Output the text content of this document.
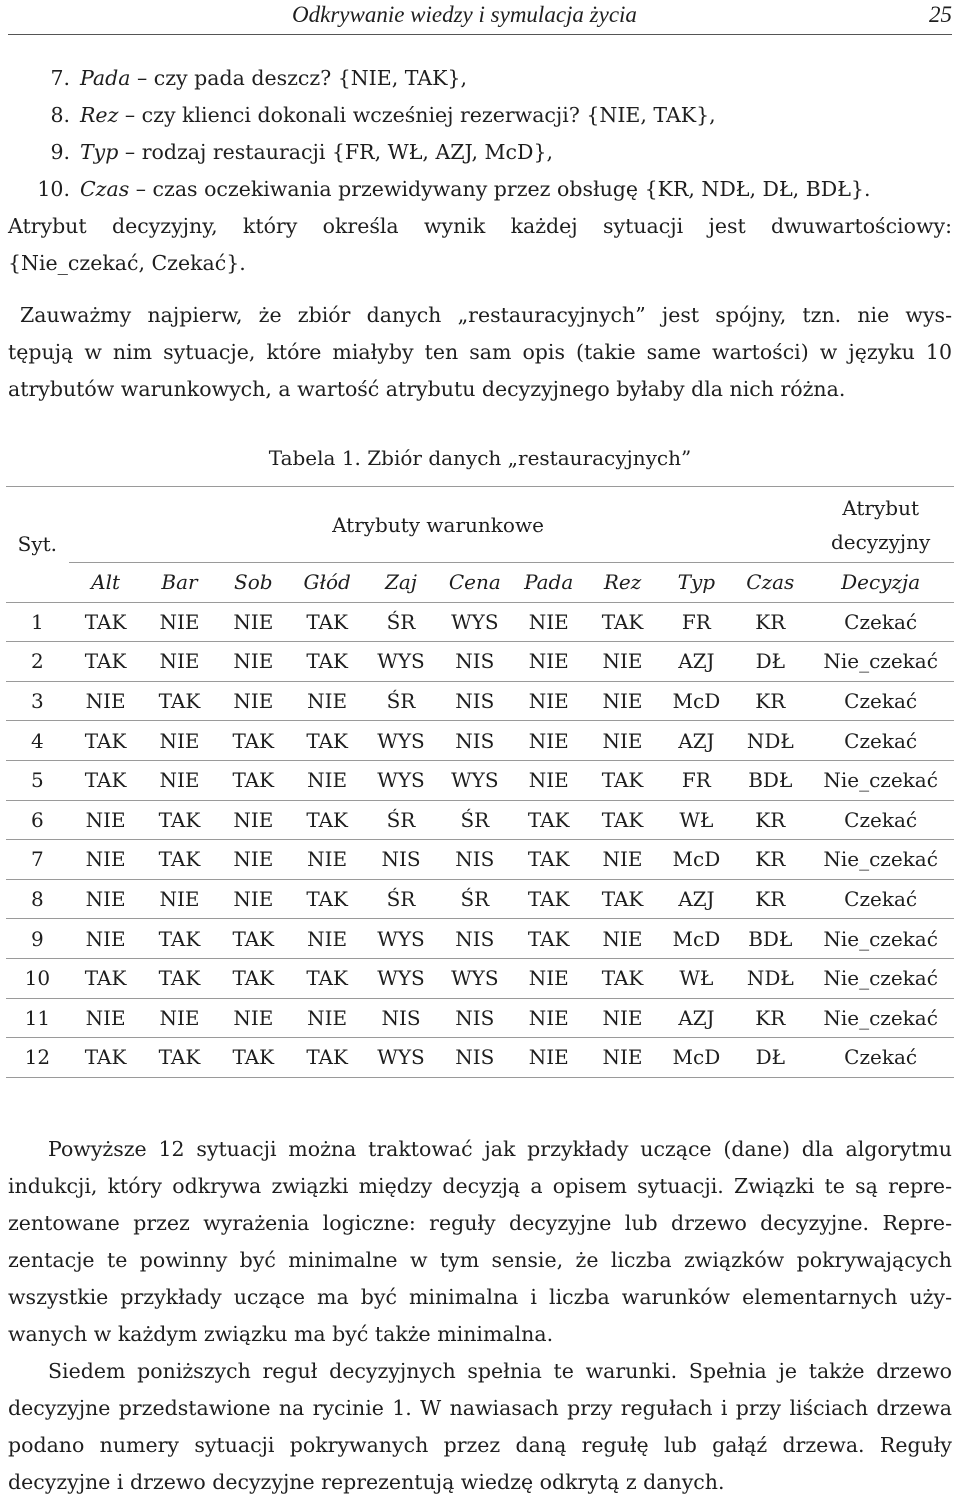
Odkrywanie wiedzy i symulacja życia	25
7. Pada – czy pada deszcz? {NIE, TAK},
8. Rez – czy klienci dokonali wcześniej rezerwacji? {NIE, TAK},
9. Typ – rodzaj restauracji {FR, WŁ, AZJ, McD},
10. Czas – czas oczekiwania przewidywany przez obsługę {KR, NDŁ, DŁ, BDŁ}.
Atrybut decyzyjny, który określa wynik każdej sytuacji jest dwuwartościowy:
{Nie_czekać, Czekać}.
Zauważmy najpierw, że zbiór danych „restauracyjnych” jest spójny, tzn. nie wys-
tępują w nim sytuacje, które miałyby ten sam opis (takie same wartości) w języku 10
atrybutów warunkowych, a wartość atrybutu decyzyjnego byłaby dla nich różna.
Tabela 1. Zbiór danych „restauracyjnych”
Syt.	Atrybuty warunkowe										Atrybut
decyzyjny

	Alt	Bar	Sob	Głód	Zaj	Cena	Pada	Rez	Typ	Czas	Decyzja
1	TAK	NIE	NIE	TAK	ŚR	WYS	NIE	TAK	FR	KR	Czekać
2	TAK	NIE	NIE	TAK	WYS	NIS	NIE	NIE	AZJ	DŁ	Nie_czekać
3	NIE	TAK	NIE	NIE	ŚR	NIS	NIE	NIE	McD	KR	Czekać
4	TAK	NIE	TAK	TAK	WYS	NIS	NIE	NIE	AZJ	NDŁ	Czekać
5	TAK	NIE	TAK	NIE	WYS	WYS	NIE	TAK	FR	BDŁ	Nie_czekać
6	NIE	TAK	NIE	TAK	ŚR	ŚR	TAK	TAK	WŁ	KR	Czekać
7	NIE	TAK	NIE	NIE	NIS	NIS	TAK	NIE	McD	KR	Nie_czekać
8	NIE	NIE	NIE	TAK	ŚR	ŚR	TAK	TAK	AZJ	KR	Czekać
9	NIE	TAK	TAK	NIE	WYS	NIS	TAK	NIE	McD	BDŁ	Nie_czekać
10	TAK	TAK	TAK	TAK	WYS	WYS	NIE	TAK	WŁ	NDŁ	Nie_czekać
11	NIE	NIE	NIE	NIE	NIS	NIS	NIE	NIE	AZJ	KR	Nie_czekać
12	TAK	TAK	TAK	TAK	WYS	NIS	NIE	NIE	McD	DŁ	Czekać
Powyższe 12 sytuacji można traktować jak przykłady uczące (dane) dla algorytmu
indukcji, który odkrywa związki między decyzją a opisem sytuacji. Związki te są repre-
zentowane przez wyrażenia logiczne: reguły decyzyjne lub drzewo decyzyjne. Repre-
zentacje te powinny być minimalne w tym sensie, że liczba związków pokrywających
wszystkie przykłady uczące ma być minimalna i liczba warunków elementarnych uży-
wanych w każdym związku ma być także minimalna.
Siedem poniższych reguł decyzyjnych spełnia te warunki. Spełnia je także drzewo
decyzyjne przedstawione na rycinie 1. W nawiasach przy regułach i przy liściach drzewa
podano numery sytuacji pokrywanych przez daną regułę lub gałąź drzewa. Reguły
decyzyjne i drzewo decyzyjne reprezentują wiedzę odkrytą z danych.
